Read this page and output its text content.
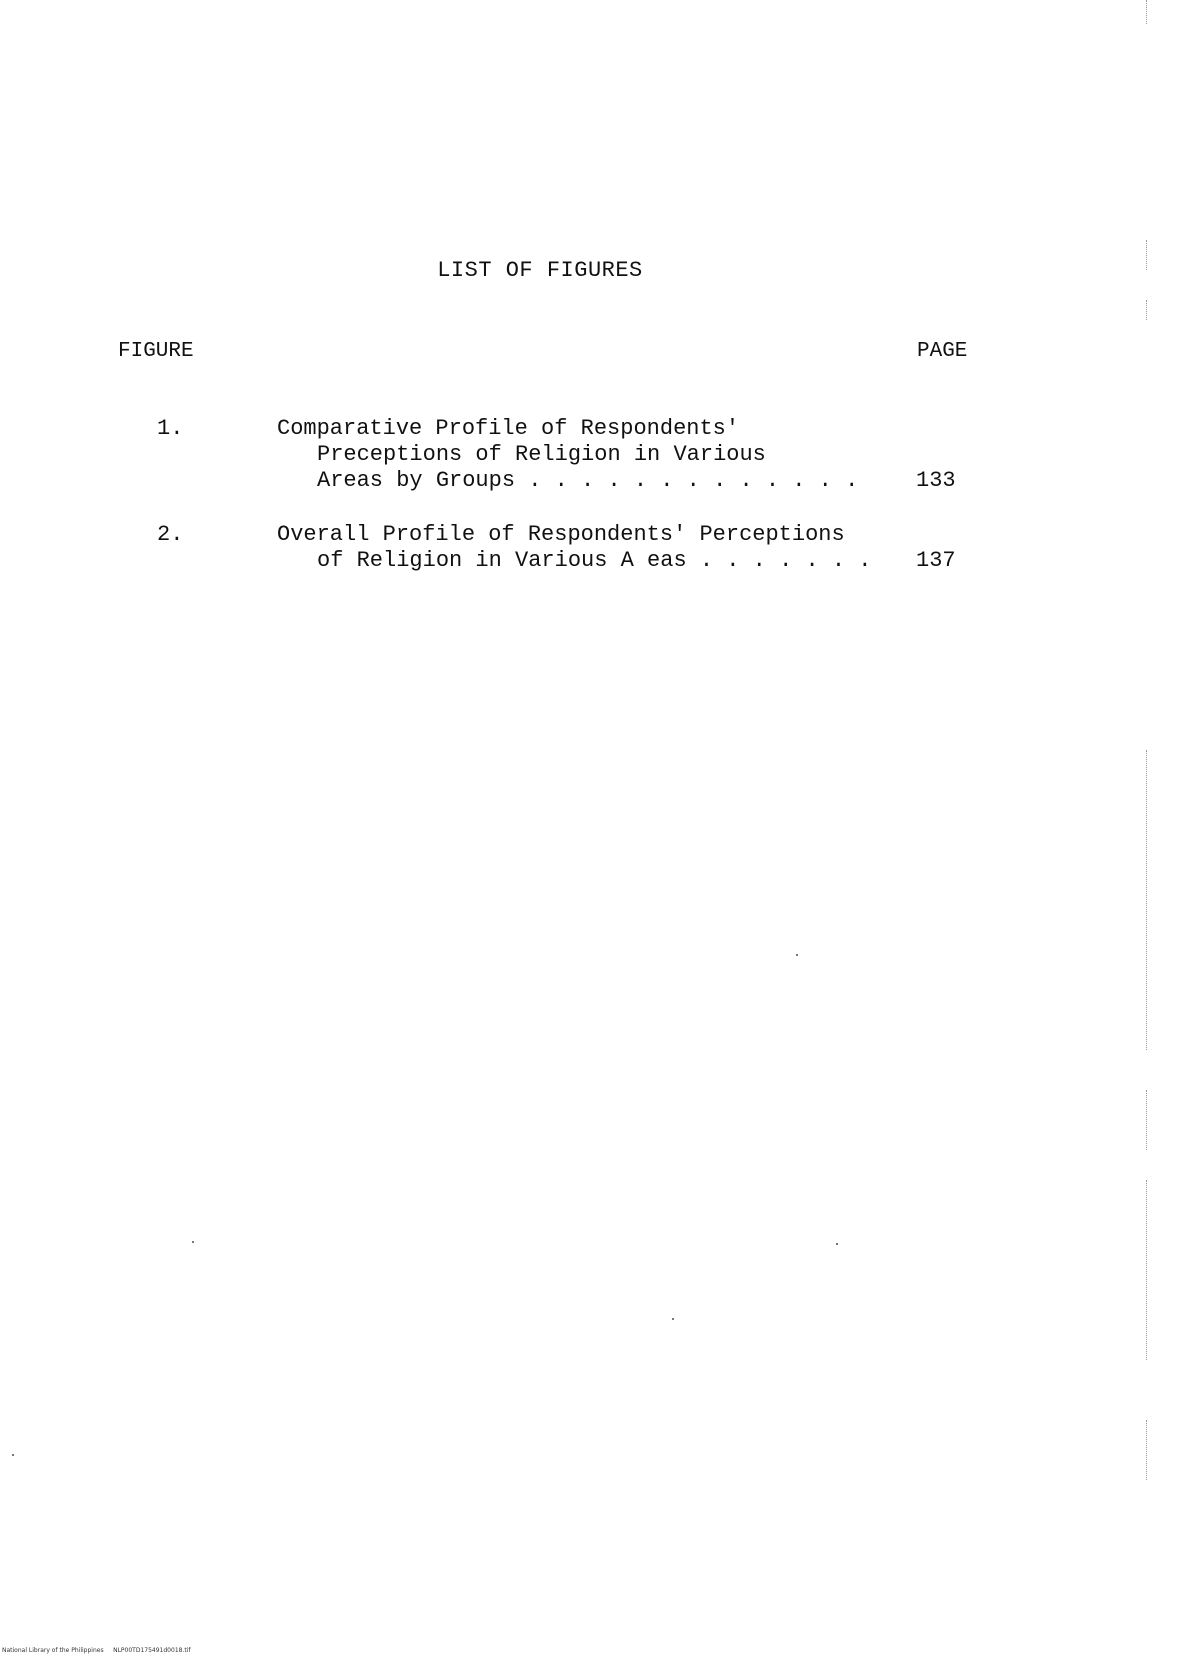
LIST OF FIGURES
FIGURE	PAGE
1.	Comparative Profile of Respondents'
Preceptions of Religion in Various
Areas by Groups . . . . . . . . . . . . .	133
2.	Overall Profile of Respondents' Perceptions
of Religion in Various A eas . . . . . . . 137
National Library of the Philippines     NLP00TD175491d0018.tif
